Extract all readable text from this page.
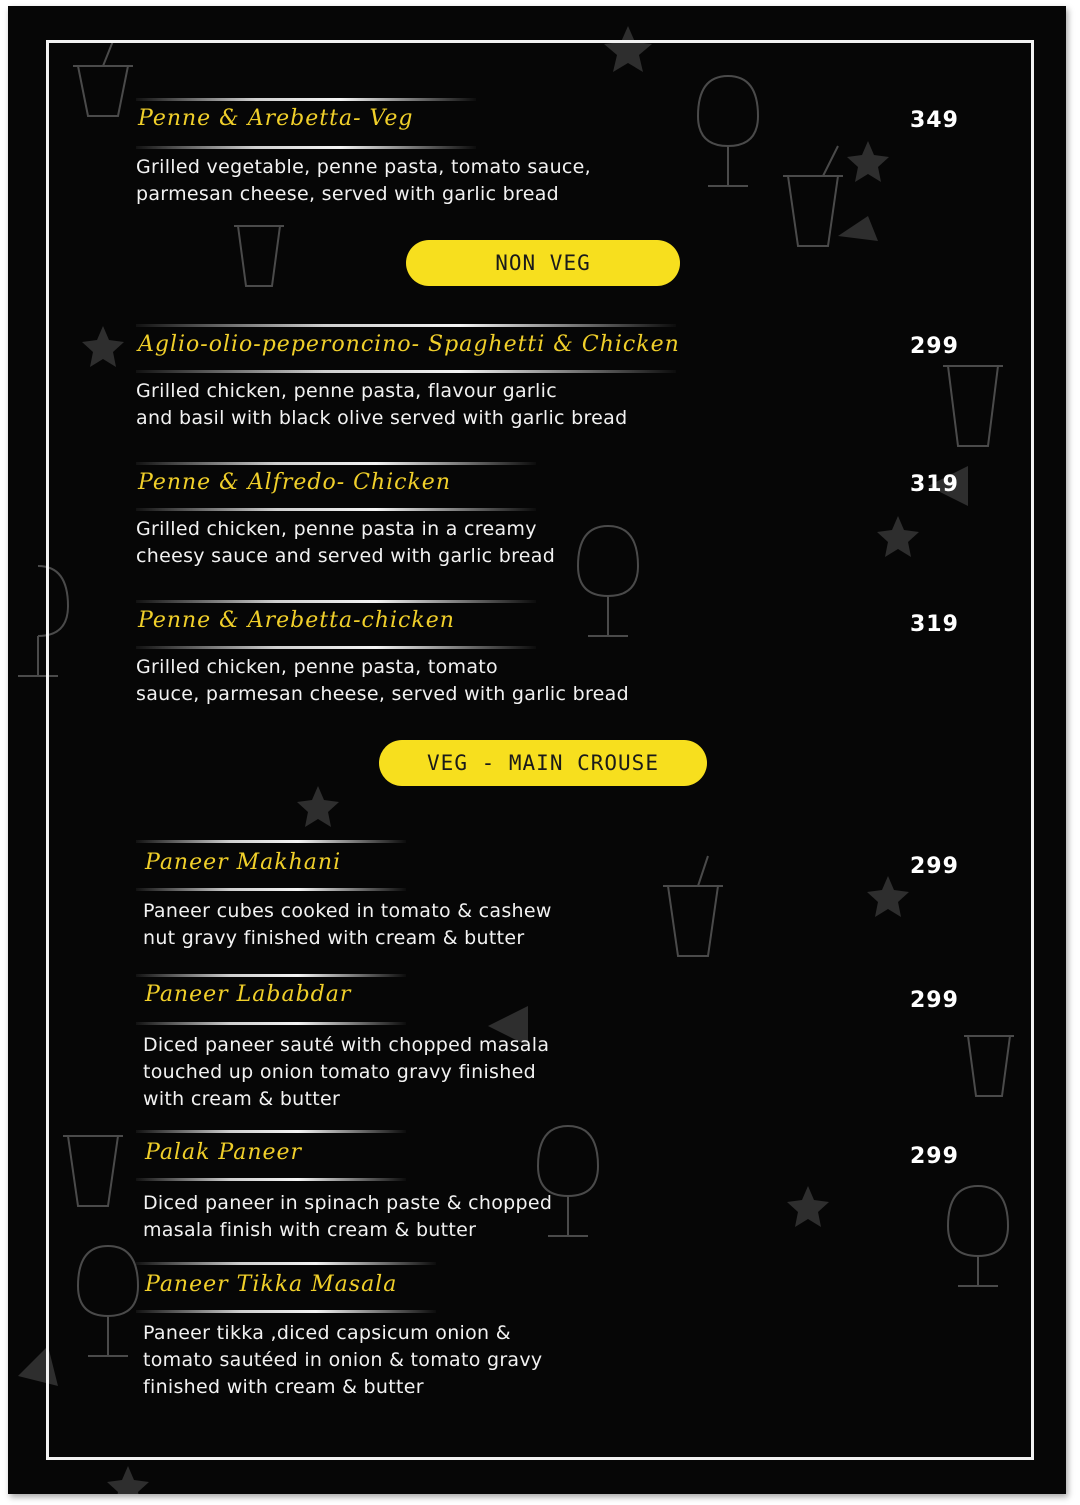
Penne & Arebetta- Veg	349

Grilled vegetable, penne pasta, tomato sauce,
parmesan cheese, served with garlic bread

NON VEG

Aglio-olio-peperoncino- Spaghetti & Chicken	299

Grilled chicken, penne pasta, flavour garlic
and basil with black olive served with garlic bread

Penne & Alfredo- Chicken	319

Grilled chicken, penne pasta in a creamy
cheesy sauce and served with garlic bread

Penne & Arebetta-chicken	319

Grilled chicken, penne pasta, tomato
sauce, parmesan cheese, served with garlic bread

VEG - MAIN CROUSE

Paneer Makhani	299

Paneer cubes cooked in tomato & cashew
nut gravy finished with cream & butter

Paneer Lababdar	299

Diced paneer sauté with chopped masala
touched up onion tomato gravy finished
with cream & butter

Palak Paneer	299

Diced paneer in spinach paste & chopped
masala finish with cream & butter

Paneer Tikka Masala

Paneer tikka ,diced capsicum onion &
tomato sautéed in onion & tomato gravy
finished with cream & butter
